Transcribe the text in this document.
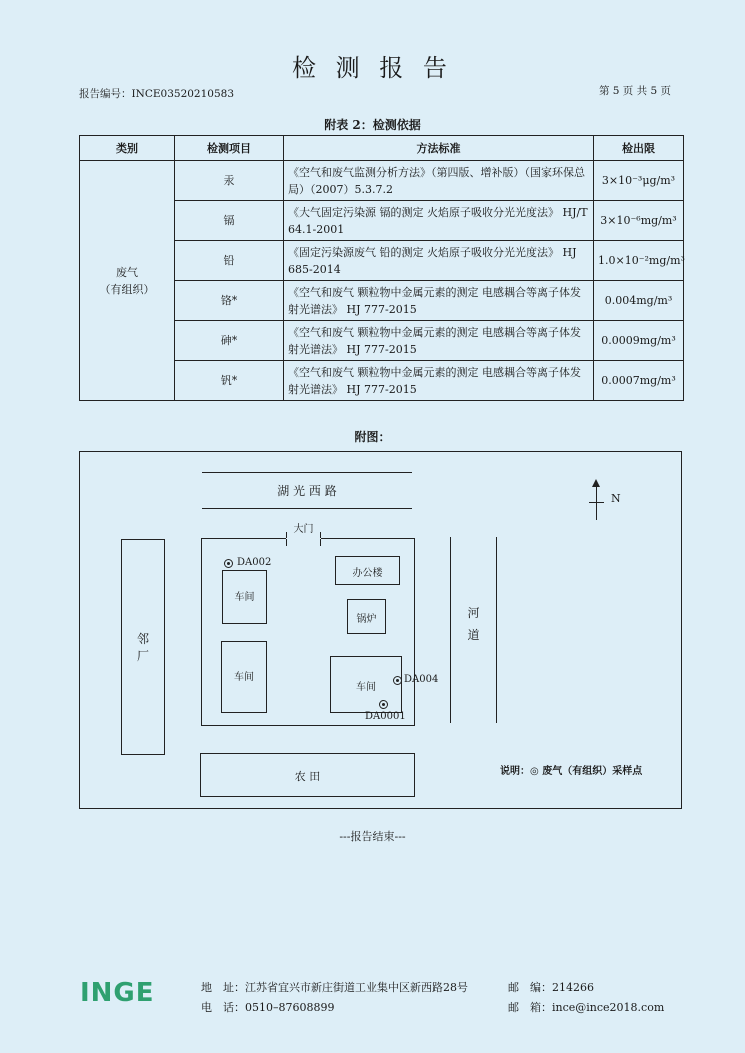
检 测 报 告
报告编号：INCE03520210583	第 5 页 共 5 页
附表 2：检测依据
类别	检测项目	方法标准	检出限
废气
（有组织）	汞	《空气和废气监测分析方法》（第四版、增补版）（国家环保总局）（2007）5.3.7.2	3×10⁻³μg/m³
	镉	《大气固定污染源 镉的测定 火焰原子吸收分光光度法》 HJ/T 64.1-2001	3×10⁻⁶mg/m³
	铅	《固定污染源废气 铅的测定 火焰原子吸收分光光度法》 HJ 685-2014	1.0×10⁻²mg/m³
	铬*	《空气和废气 颗粒物中金属元素的测定 电感耦合等离子体发射光谱法》 HJ 777-2015	0.004mg/m³
	砷*	《空气和废气 颗粒物中金属元素的测定 电感耦合等离子体发射光谱法》 HJ 777-2015	0.0009mg/m³
	钒*	《空气和废气 颗粒物中金属元素的测定 电感耦合等离子体发射光谱法》 HJ 777-2015	0.0007mg/m³
附图：
湖 光 西 路
N
邻
厂
大门
车间
DA002
车间
办公楼
锅炉
车间
DA004
DA0001
河
道
农 田	说明：◎ 废气（有组织）采样点
---报告结束---
INGE	地　址：江苏省宜兴市新庄街道工业集中区新西路28号	邮　编：214266
电　话：0510–87608899	邮　箱：ince@ince2018.com
